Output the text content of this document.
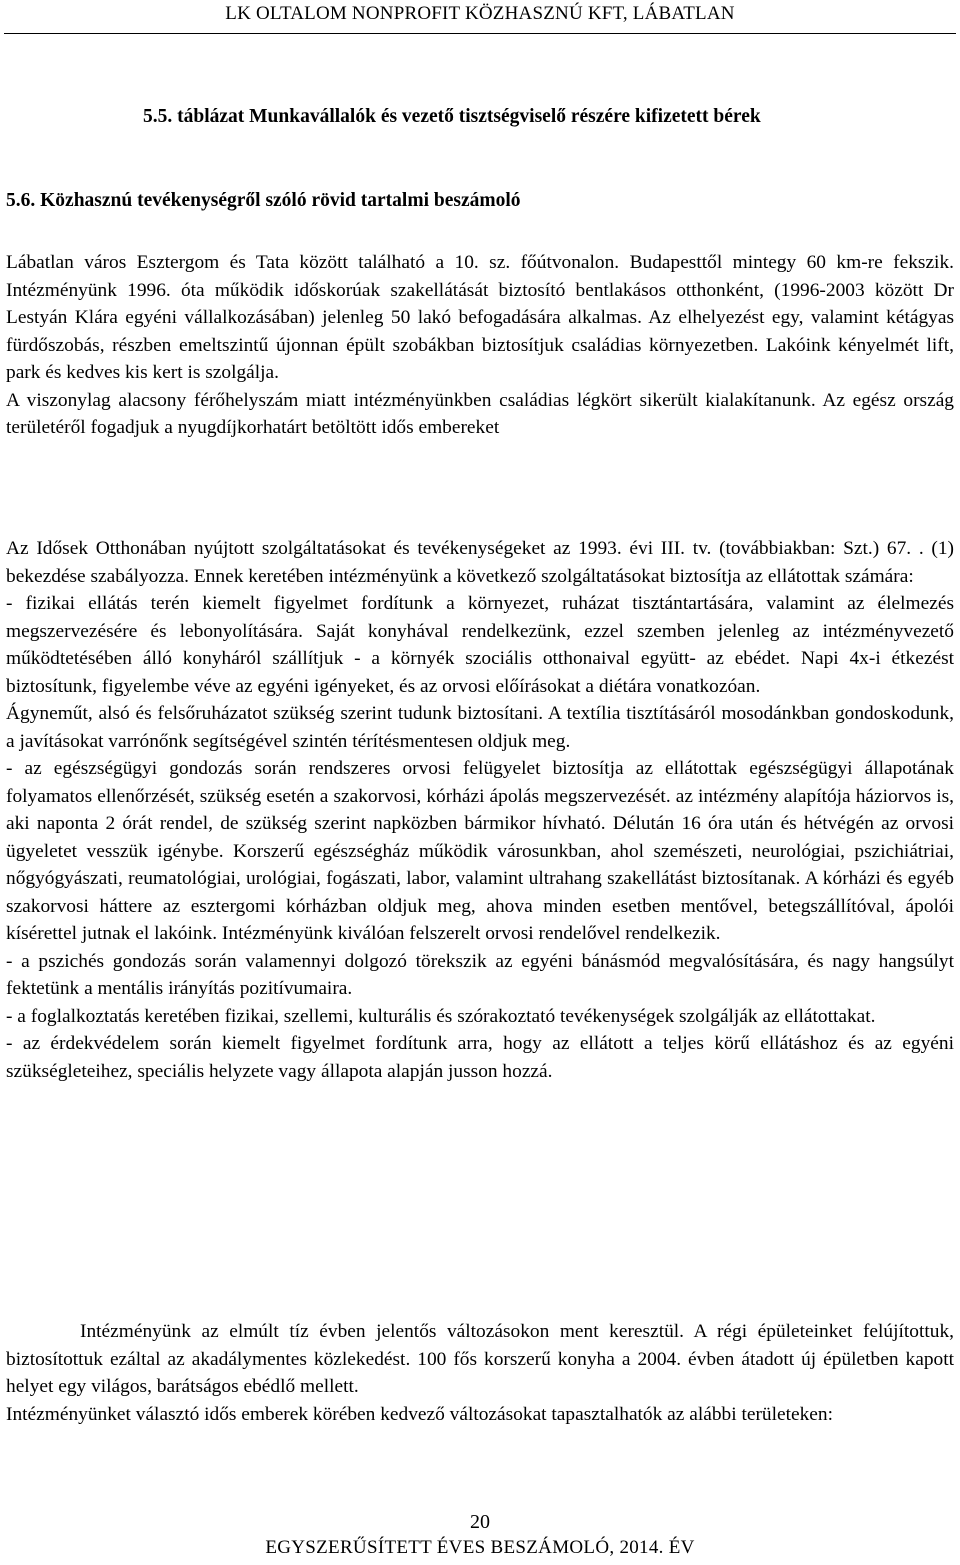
LK OLTALOM NONPROFIT KÖZHASZNÚ KFT, LÁBATLAN
5.5. táblázat Munkavállalók és vezető tisztségviselő részére kifizetett bérek
5.6. Közhasznú tevékenységről szóló rövid tartalmi beszámoló

Lábatlan város Esztergom és Tata között található a 10. sz. főútvonalon. Budapesttől mintegy 60 km-re fekszik. Intézményünk 1996. óta működik időskorúak szakellátását biztosító bentlakásos otthonként, (1996-2003 között Dr Lestyán Klára egyéni vállalkozásában) jelenleg 50 lakó befogadására alkalmas. Az elhelyezést egy, valamint kétágyas fürdőszobás, részben emeltszintű újonnan épült szobákban biztosítjuk családias környezetben. Lakóink kényelmét lift, park és kedves kis kert is szolgálja.

A viszonylag alacsony férőhelyszám miatt intézményünkben családias légkört sikerült kialakítanunk. Az egész ország területéről fogadjuk a nyugdíjkorhatárt betöltött idős embereket

Az Idősek Otthonában nyújtott szolgáltatásokat és tevékenységeket az 1993. évi III. tv. (továbbiakban: Szt.) 67. . (1) bekezdése szabályozza. Ennek keretében intézményünk a következő szolgáltatásokat biztosítja az ellátottak számára:

- fizikai ellátás terén kiemelt figyelmet fordítunk a környezet, ruházat tisztántartására, valamint az élelmezés megszervezésére és lebonyolítására. Saját konyhával rendelkezünk, ezzel szemben jelenleg az intézményvezető működtetésében álló konyháról szállítjuk - a környék szociális otthonaival együtt- az ebédet. Napi 4x-i étkezést biztosítunk, figyelembe véve az egyéni igényeket, és az orvosi előírásokat a diétára vonatkozóan.

Ágyneműt, alsó és felsőruházatot szükség szerint tudunk biztosítani. A textília tisztításáról mosodánkban gondoskodunk, a javításokat varrónőnk segítségével szintén térítésmentesen oldjuk meg.

- az egészségügyi gondozás során rendszeres orvosi felügyelet biztosítja az ellátottak egészségügyi állapotának folyamatos ellenőrzését, szükség esetén a szakorvosi, kórházi ápolás megszervezését. az intézmény alapítója háziorvos is, aki naponta 2 órát rendel, de szükség szerint napközben bármikor hívható. Délután 16 óra után és hétvégén az orvosi ügyeletet vesszük igénybe. Korszerű egészségház működik városunkban, ahol szemészeti, neurológiai, pszichiátriai, nőgyógyászati, reumatológiai, urológiai, fogászati, labor, valamint ultrahang szakellátást biztosítanak. A kórházi és egyéb szakorvosi háttere az esztergomi kórházban oldjuk meg, ahova minden esetben mentővel, betegszállítóval, ápolói kísérettel jutnak el lakóink. Intézményünk kiválóan felszerelt orvosi rendelővel rendelkezik.

- a pszichés gondozás során valamennyi dolgozó törekszik az egyéni bánásmód megvalósítására, és nagy hangsúlyt fektetünk a mentális irányítás pozitívumaira.

- a foglalkoztatás keretében fizikai, szellemi, kulturális és szórakoztató tevékenységek szolgálják az ellátottakat.

- az érdekvédelem során kiemelt figyelmet fordítunk arra, hogy az ellátott a teljes körű ellátáshoz és az egyéni szükségleteihez, speciális helyzete vagy állapota alapján jusson hozzá.

Intézményünk az elmúlt tíz évben jelentős változásokon ment keresztül. A régi épületeinket felújítottuk, biztosítottuk ezáltal az akadálymentes közlekedést. 100 fős korszerű konyha a 2004. évben átadott új épületben kapott helyet egy világos, barátságos ebédlő mellett.

Intézményünket választó idős emberek körében kedvező változásokat tapasztalhatók az alábbi területeken:

20
EGYSZERŰSÍTETT ÉVES BESZÁMOLÓ, 2014. ÉV
